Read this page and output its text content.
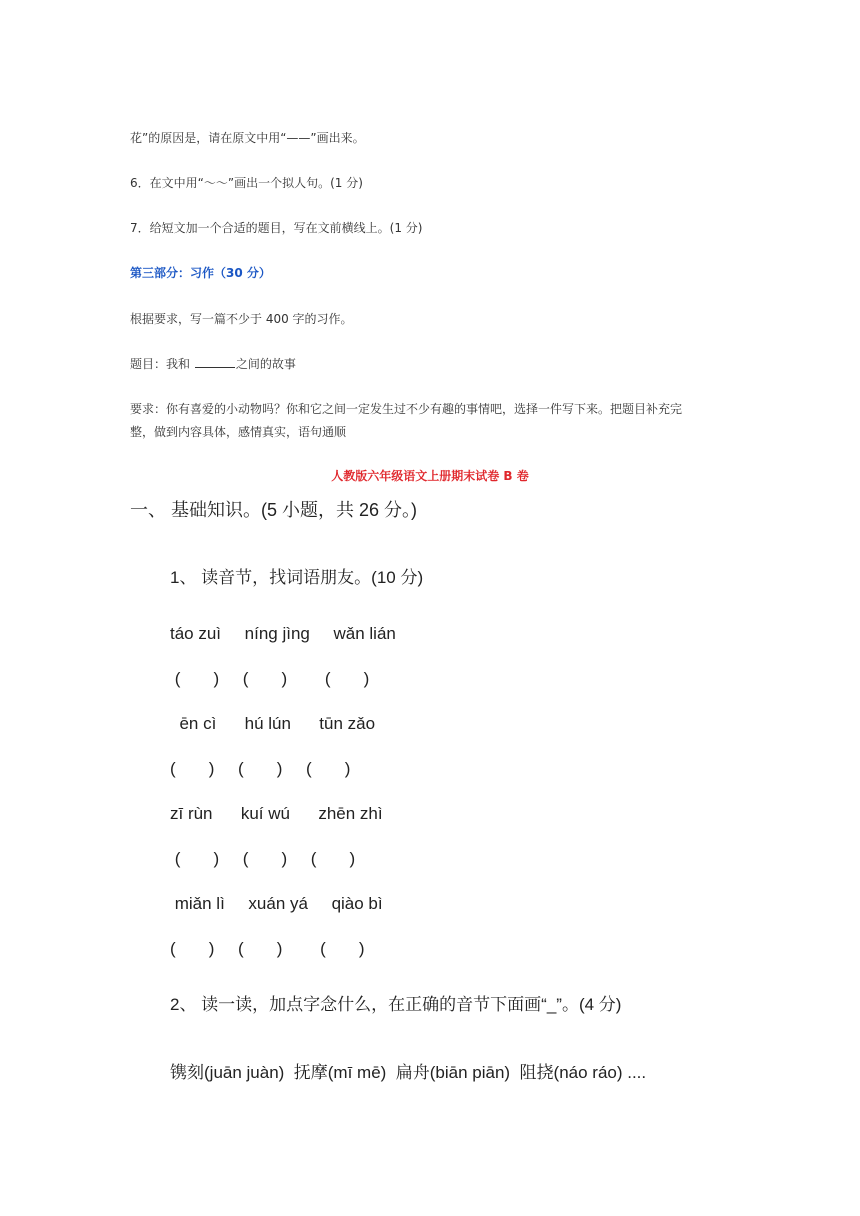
花”的原因是，请在原文中用“——”画出来。
6．在文中用“～～”画出一个拟人句。(1 分)
7．给短文加一个合适的题目，写在文前横线上。(1 分)
第三部分：习作（30 分）
根据要求，写一篇不少于 400 字的习作。
题目：我和	之间的故事
要求：你有喜爱的小动物吗？你和它之间一定发生过不少有趣的事情吧，选择一件写下来。把题目补充完
整，做到内容具体，感情真实，语句通顺
人教版六年级语文上册期末试卷 B 卷
一、 基础知识。(5 小题，共 26 分。)
1、 读音节，找词语朋友。(10 分)
táo zuì     níng jìng     wǎn lián
(       )     (       )        (       )
ēn cì      hú lún      tūn zǎo
(       )     (       )     (       )
zī rùn      kuí wú      zhēn zhì
(       )     (       )     (       )
miǎn lì     xuán yá     qiào bì
(       )     (       )        (       )
2、 读一读，加点字念什么，在正确的音节下面画“_”。(4 分)
镌刻(juān juàn)  抚摩(mī mē)  扁舟(biān piān)  阻挠(náo ráo) ....
